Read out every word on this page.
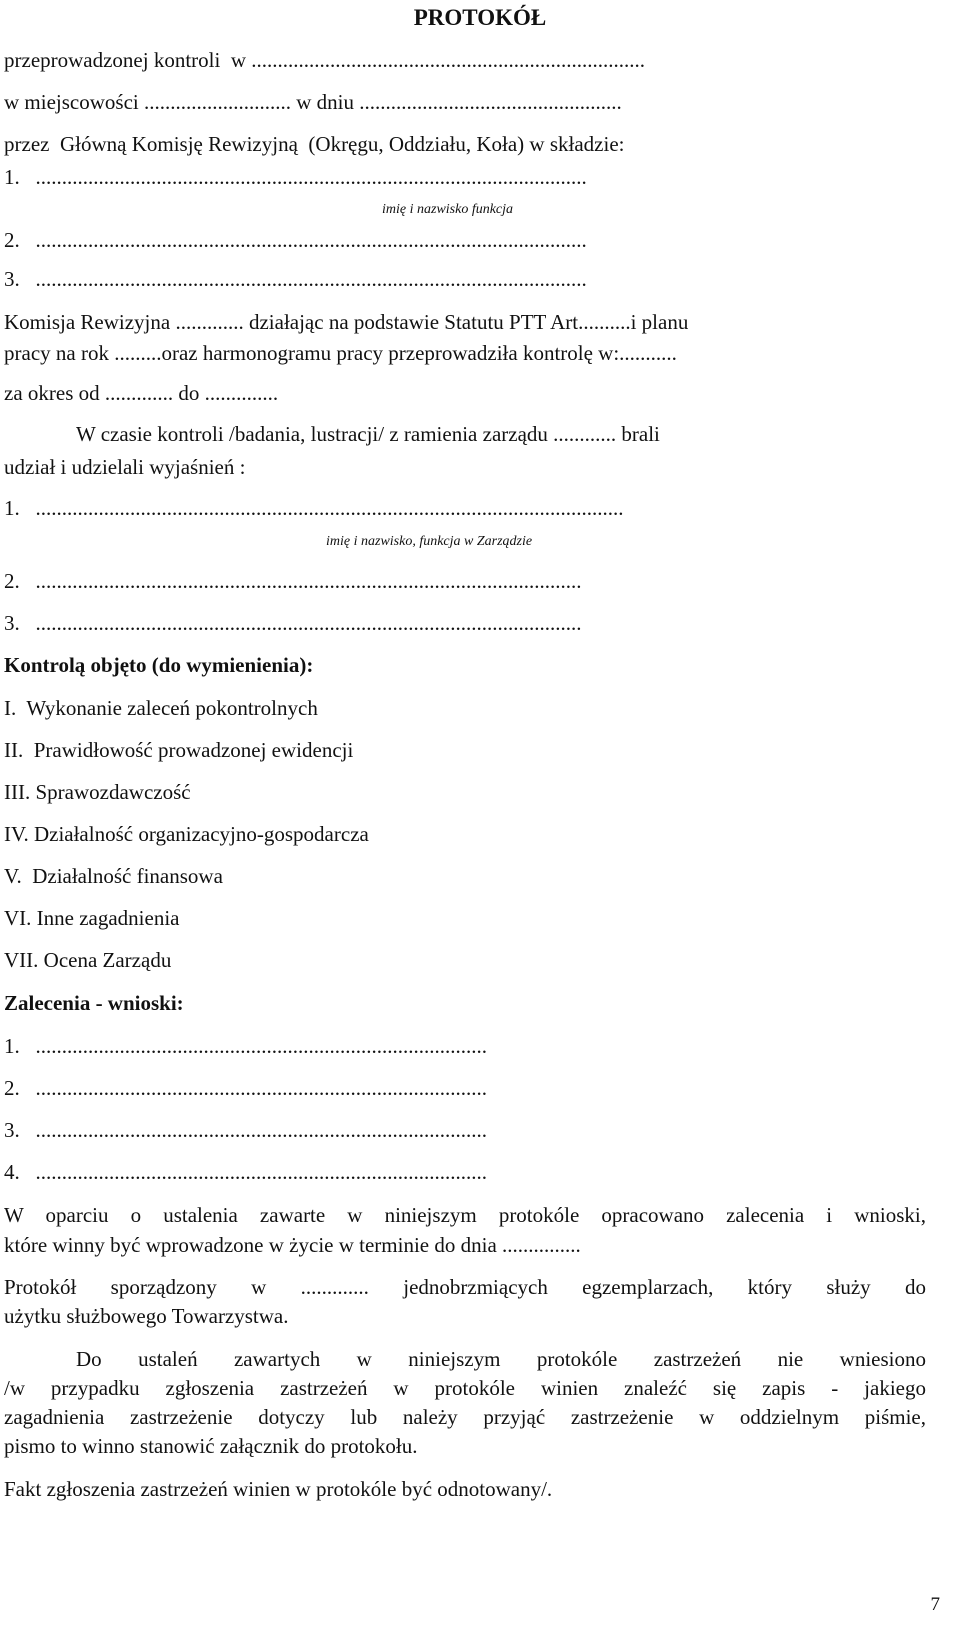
PROTOKÓŁ
przeprowadzonej kontroli  w ...........................................................................
w miejscowości ............................ w dniu ..................................................
przez  Główną Komisję Rewizyjną  (Okręgu, Oddziału, Koła) w składzie:
1.   .........................................................................................................
imię i nazwisko funkcja
2.   .........................................................................................................
3.   .........................................................................................................
Komisja Rewizyjna ............. działając na podstawie Statutu PTT Art..........i planu
pracy na rok .........oraz harmonogramu pracy przeprowadziła kontrolę w:...........
za okres od ............. do ..............
W czasie kontroli /badania, lustracji/ z ramienia zarządu ............ brali
udział i udzielali wyjaśnień :
1.   ................................................................................................................
imię i nazwisko, funkcja w Zarządzie
2.   ........................................................................................................
3.   ........................................................................................................
Kontrolą objęto (do wymienienia):
I.  Wykonanie zaleceń pokontrolnych
II.  Prawidłowość prowadzonej ewidencji
III. Sprawozdawczość
IV. Działalność organizacyjno-gospodarcza
V.  Działalność finansowa
VI. Inne zagadnienia
VII. Ocena Zarządu
Zalecenia - wnioski:
1.   ......................................................................................
2.   ......................................................................................
3.   ......................................................................................
4.   ......................................................................................
W oparciu o ustalenia zawarte w niniejszym protokóle opracowano zalecenia i wnioski,
które winny być wprowadzone w życie w terminie do dnia ...............
Protokół sporządzony w ............. jednobrzmiących egzemplarzach, który służy do
użytku służbowego Towarzystwa.
Do ustaleń zawartych w niniejszym protokóle zastrzeżeń nie wniesiono
/w przypadku zgłoszenia zastrzeżeń w protokóle winien znaleźć się zapis - jakiego
zagadnienia zastrzeżenie dotyczy lub należy przyjąć zastrzeżenie w oddzielnym piśmie,
pismo to winno stanowić załącznik do protokołu.
Fakt zgłoszenia zastrzeżeń winien w protokóle być odnotowany/.
7
